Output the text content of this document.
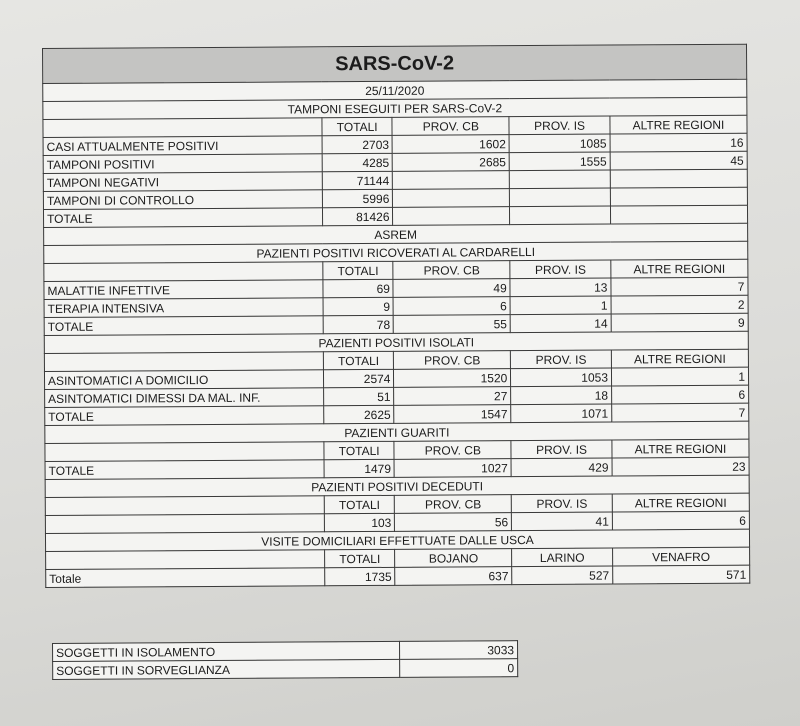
SARS-CoV-2				
25/11/2020				
TAMPONI ESEGUITI PER SARS-CoV-2				
	TOTALI	PROV. CB	PROV. IS	ALTRE REGIONI
CASI ATTUALMENTE POSITIVI	2703	1602	1085	16
TAMPONI POSITIVI	4285	2685	1555	45
TAMPONI NEGATIVI	71144			
TAMPONI DI CONTROLLO	5996			
TOTALE	81426			
ASREM				
PAZIENTI POSITIVI RICOVERATI AL CARDARELLI				
	TOTALI	PROV. CB	PROV. IS	ALTRE REGIONI
MALATTIE INFETTIVE	69	49	13	7
TERAPIA INTENSIVA	9	6	1	2
TOTALE	78	55	14	9
PAZIENTI POSITIVI ISOLATI				
	TOTALI	PROV. CB	PROV. IS	ALTRE REGIONI
ASINTOMATICI A DOMICILIO	2574	1520	1053	1
ASINTOMATICI DIMESSI DA MAL. INF.	51	27	18	6
TOTALE	2625	1547	1071	7
PAZIENTI GUARITI				
	TOTALI	PROV. CB	PROV. IS	ALTRE REGIONI
TOTALE	1479	1027	429	23
PAZIENTI POSITIVI DECEDUTI				
	TOTALI	PROV. CB	PROV. IS	ALTRE REGIONI
	103	56	41	6
VISITE DOMICILIARI EFFETTUATE DALLE USCA				
	TOTALI	BOJANO	LARINO	VENAFRO
Totale	1735	637	527	571
SOGGETTI IN ISOLAMENTO	3033
SOGGETTI IN SORVEGLIANZA	0
